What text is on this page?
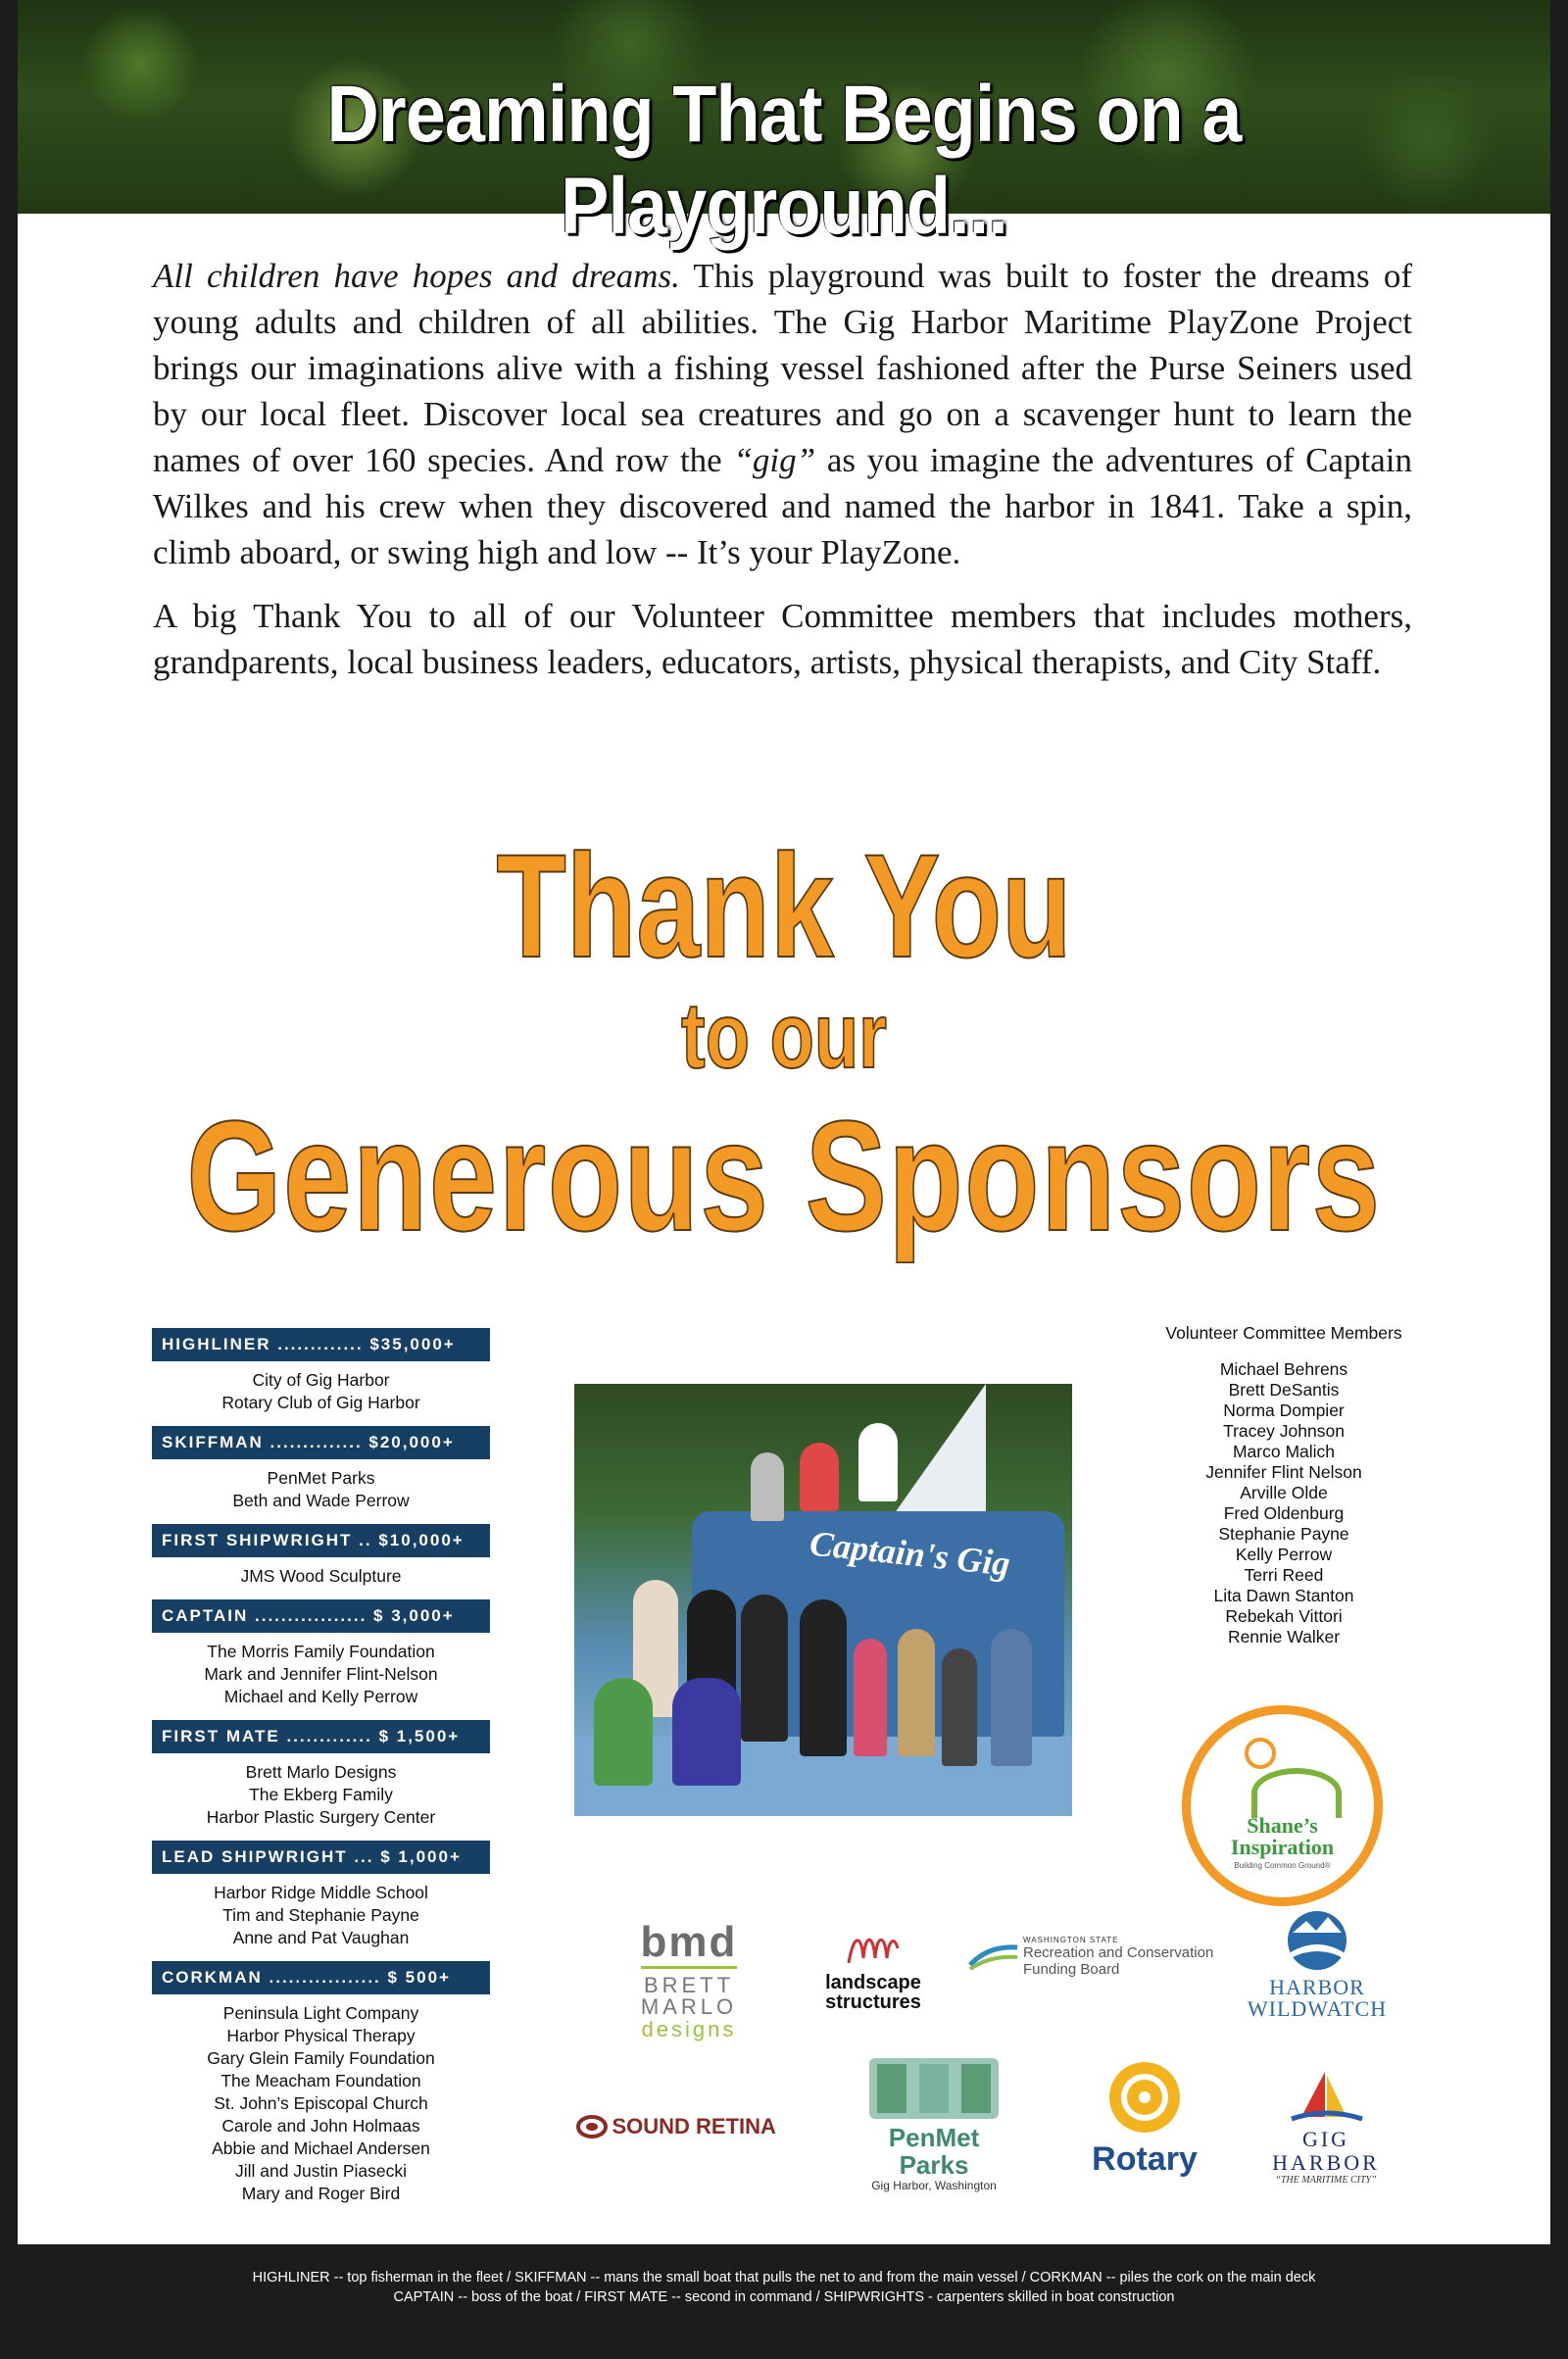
Dreaming That Begins on a Playground...

All children have hopes and dreams. This playground was built to foster the dreams of young adults and children of all abilities. The Gig Harbor Maritime PlayZone Project brings our imaginations alive with a fishing vessel fashioned after the Purse Seiners used by our local fleet. Discover local sea creatures and go on a scavenger hunt to learn the names of over 160 species. And row the “gig” as you imagine the adventures of Captain Wilkes and his crew when they discovered and named the harbor in 1841. Take a spin, climb aboard, or swing high and low -- It’s your PlayZone.

A big Thank You to all of our Volunteer Committee members that includes mothers, grandparents, local business leaders, educators, artists, physical therapists, and City Staff.

Thank You
to our
Generous Sponsors
HIGHLINER ............. $35,000+
City of Gig Harbor
Rotary Club of Gig Harbor
SKIFFMAN .............. $20,000+
PenMet Parks
Beth and Wade Perrow
FIRST SHIPWRIGHT .. $10,000+
JMS Wood Sculpture
CAPTAIN ................. $ 3,000+
The Morris Family Foundation
Mark and Jennifer Flint-Nelson
Michael and Kelly Perrow
FIRST MATE ............. $ 1,500+
Brett Marlo Designs
The Ekberg Family
Harbor Plastic Surgery Center
LEAD SHIPWRIGHT ... $ 1,000+
Harbor Ridge Middle School
Tim and Stephanie Payne
Anne and Pat Vaughan
CORKMAN ................. $ 500+
Peninsula Light Company
Harbor Physical Therapy
Gary Glein Family Foundation
The Meacham Foundation
St. John’s Episcopal Church
Carole and John Holmaas
Abbie and Michael Andersen
Jill and Justin Piasecki
Mary and Roger Bird
Captain's Gig
Volunteer Committee Members
Michael Behrens
Brett DeSantis
Norma Dompier
Tracey Johnson
Marco Malich
Jennifer Flint Nelson
Arville Olde
Fred Oldenburg
Stephanie Payne
Kelly Perrow
Terri Reed
Lita Dawn Stanton
Rebekah Vittori
Rennie Walker
Shane’s
Inspiration
Building Common Ground®
bmd
BRETT
MARLO
designs
landscape
structures
WASHINGTON STATE
Recreation and Conservation
Funding Board
HARBOR
WILDWATCH
SOUND RETINA	PenMet Parks
Gig Harbor, Washington
Rotary
GIG HARBOR
“THE MARITIME CITY”
HIGHLINER -- top fisherman in the fleet / SKIFFMAN -- mans the small boat that pulls the net to and from the main vessel / CORKMAN -- piles the cork on the main deck
CAPTAIN -- boss of the boat / FIRST MATE -- second in command / SHIPWRIGHTS - carpenters skilled in boat construction
